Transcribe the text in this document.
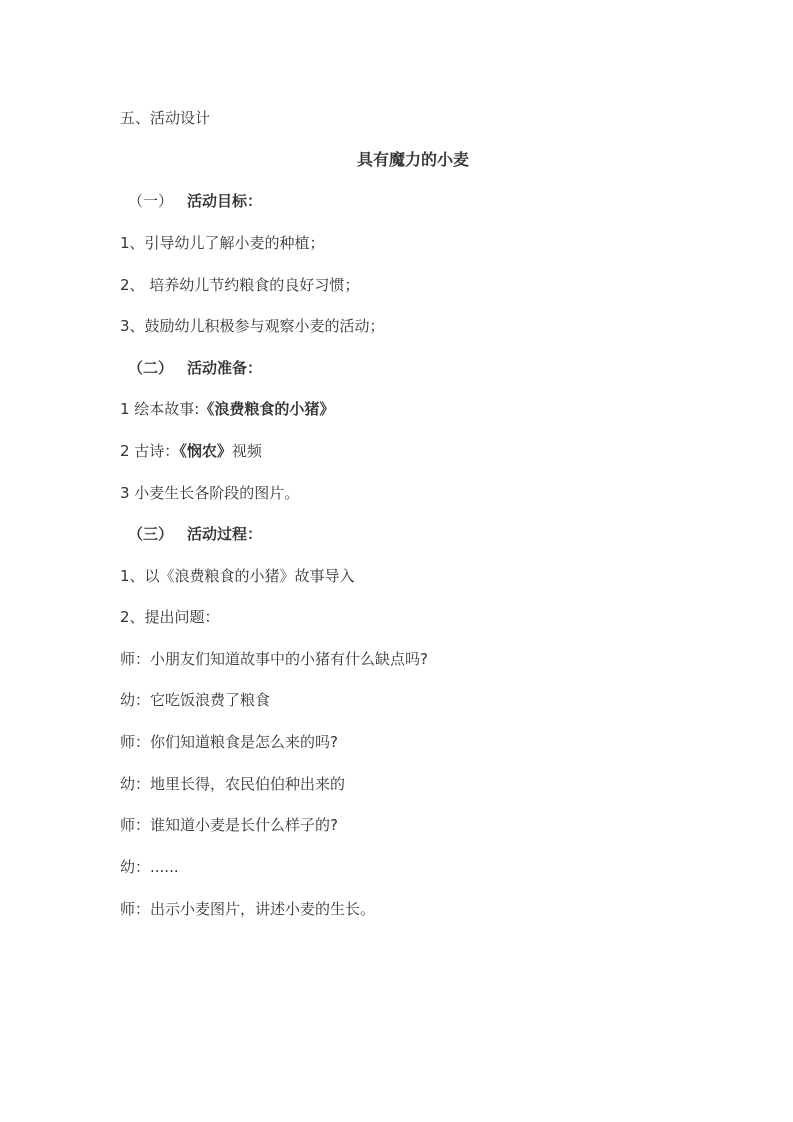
五、活动设计
具有魔力的小麦
（一） 活动目标：
1、引导幼儿了解小麦的种植；
2、 培养幼儿节约粮食的良好习惯；
3、鼓励幼儿积极参与观察小麦的活动；
（二） 活动准备：
1 绘本故事:《浪费粮食的小猪》
2 古诗：《悯农》视频
3 小麦生长各阶段的图片。
（三） 活动过程：
1、以《浪费粮食的小猪》故事导入
2、提出问题：
师：小朋友们知道故事中的小猪有什么缺点吗?
幼：它吃饭浪费了粮食
师：你们知道粮食是怎么来的吗?
幼：地里长得，农民伯伯种出来的
师：谁知道小麦是长什么样子的?
幼：......
师：出示小麦图片，讲述小麦的生长。
